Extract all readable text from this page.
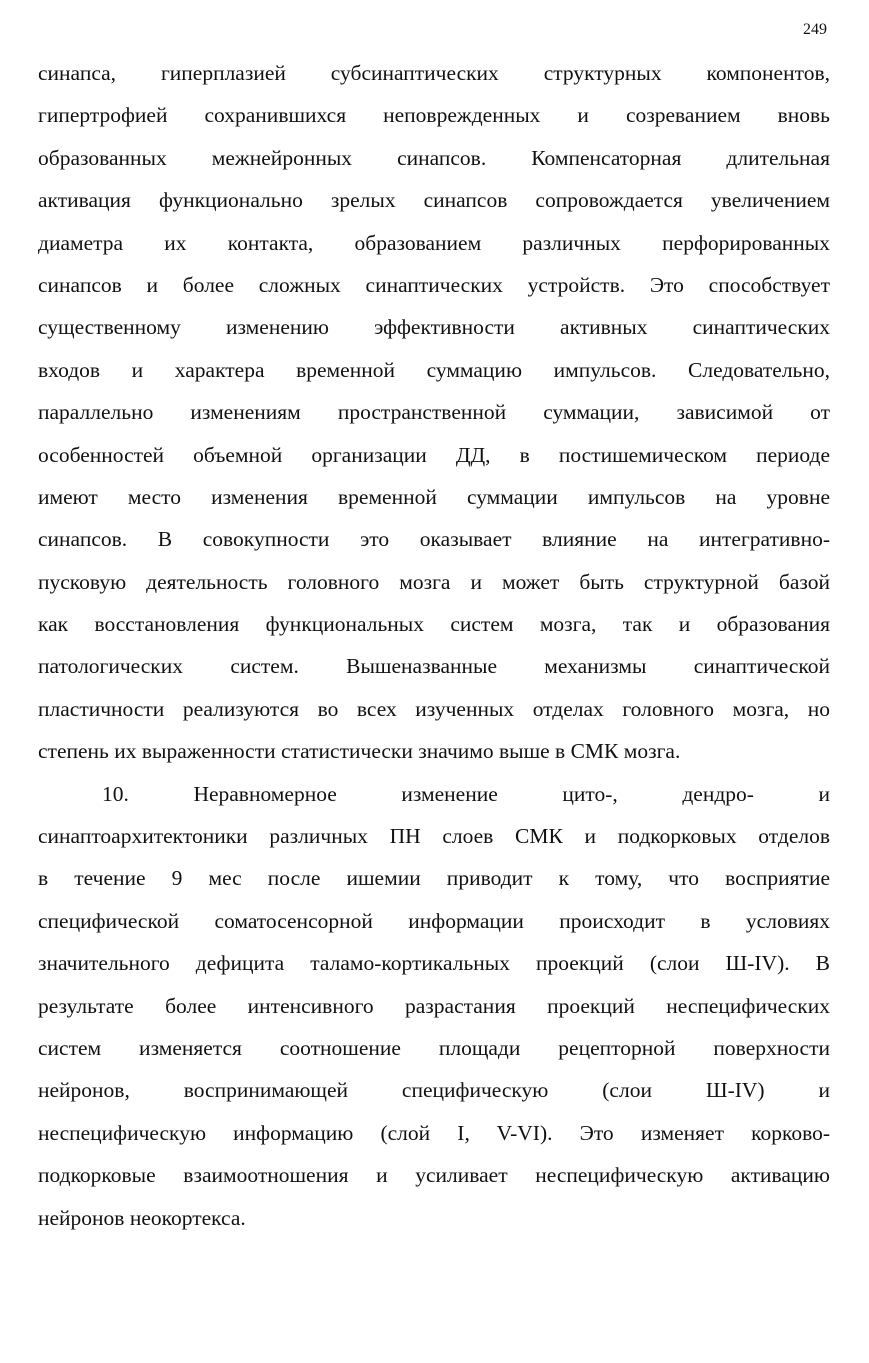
249
синапса, гиперплазией субсинаптических структурных компонентов,
гипертрофией сохранившихся неповрежденных и созреванием вновь
образованных межнейронных синапсов. Компенсаторная длительная
активация функционально зрелых синапсов сопровождается увеличением
диаметра их контакта, образованием различных перфорированных
синапсов и более сложных синаптических устройств. Это способствует
существенному изменению эффективности активных синаптических
входов и характера временной суммацию импульсов. Следовательно,
параллельно изменениям пространственной суммации, зависимой от
особенностей объемной организации ДД, в постишемическом периоде
имеют место изменения временной суммации импульсов на уровне
синапсов. В совокупности это оказывает влияние на интегративно-
пусковую деятельность головного мозга и может быть структурной базой
как восстановления функциональных систем мозга, так и образования
патологических систем. Вышеназванные механизмы синаптической
пластичности реализуются во всех изученных отделах головного мозга, но
степень их выраженности статистически значимо выше в СМК мозга.
10. Неравномерное изменение цито-, дендро- и
синаптоархитектоники различных ПН слоев СМК и подкорковых отделов
в течение 9 мес после ишемии приводит к тому, что восприятие
специфической соматосенсорной информации происходит в условиях
значительного дефицита таламо-кортикальных проекций (слои Ш-IV). В
результате более интенсивного разрастания проекций неспецифических
систем изменяется соотношение площади рецепторной поверхности
нейронов, воспринимающей специфическую (слои Ш-IV) и
неспецифическую информацию (слой I, V-VI). Это изменяет корково-
подкорковые взаимоотношения и усиливает неспецифическую активацию
нейронов неокортекса.
